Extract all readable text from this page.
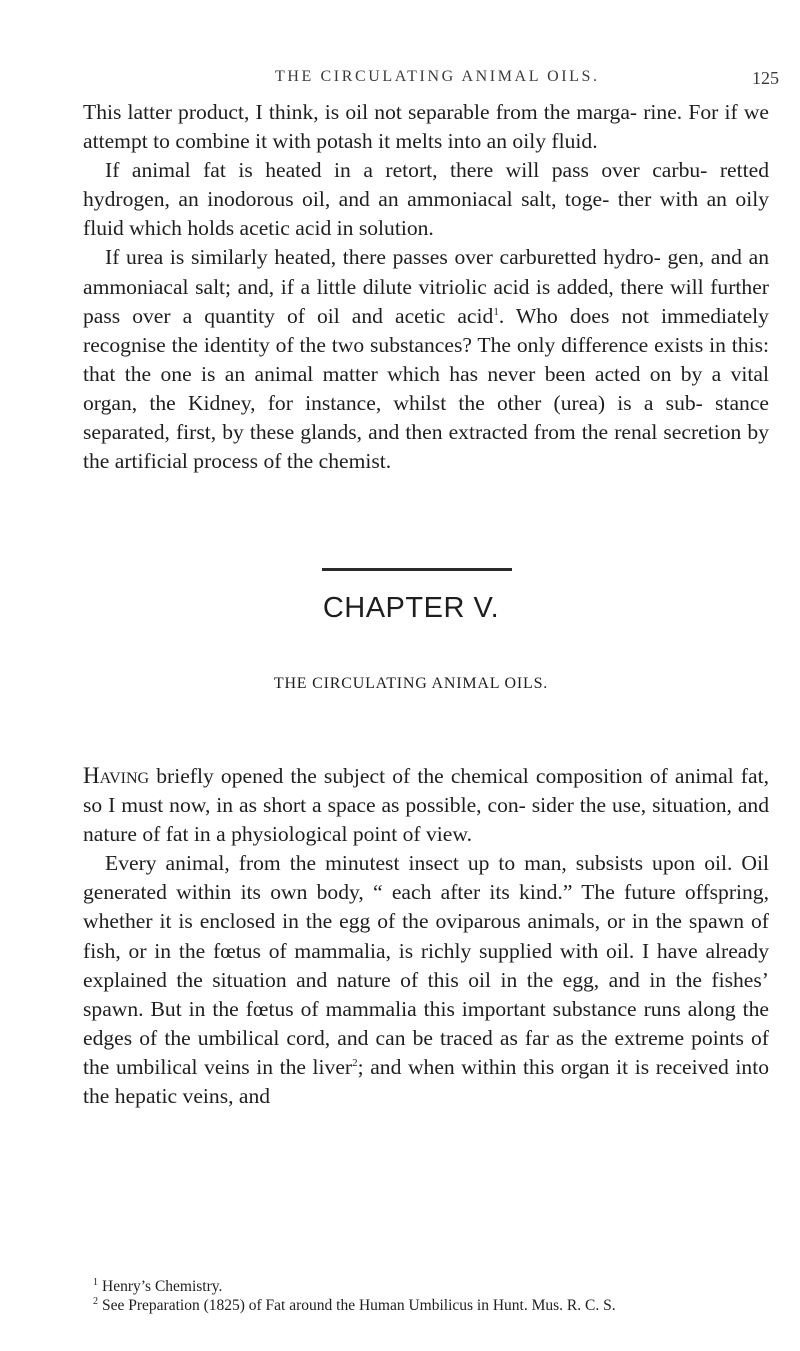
THE CIRCULATING ANIMAL OILS.	125

This latter product, I think, is oil not separable from the marga- rine. For if we attempt to combine it with potash it melts into an oily fluid.

If animal fat is heated in a retort, there will pass over carbu- retted hydrogen, an inodorous oil, and an ammoniacal salt, toge- ther with an oily fluid which holds acetic acid in solution.

If urea is similarly heated, there passes over carburetted hydro- gen, and an ammoniacal salt; and, if a little dilute vitriolic acid is added, there will further pass over a quantity of oil and acetic acid$^1$. Who does not immediately recognise the identity of the two substances? The only difference exists in this: that the one is an animal matter which has never been acted on by a vital organ, the Kidney, for instance, whilst the other (urea) is a sub- stance separated, first, by these glands, and then extracted from the renal secretion by the artificial process of the chemist.

CHAPTER V.
THE CIRCULATING ANIMAL OILS.

Having briefly opened the subject of the chemical composition of animal fat, so I must now, in as short a space as possible, con- sider the use, situation, and nature of fat in a physiological point of view.

Every animal, from the minutest insect up to man, subsists upon oil. Oil generated within its own body, “ each after its kind.” The future offspring, whether it is enclosed in the egg of the oviparous animals, or in the spawn of fish, or in the fœtus of mammalia, is richly supplied with oil. I have already explained the situation and nature of this oil in the egg, and in the fishes’ spawn. But in the fœtus of mammalia this important substance runs along the edges of the umbilical cord, and can be traced as far as the extreme points of the umbilical veins in the liver$^2$; and when within this organ it is received into the hepatic veins, and

$^1$ Henry’s Chemistry.

$^2$ See Preparation (1825) of Fat around the Human Umbilicus in Hunt. Mus. R. C. S.
